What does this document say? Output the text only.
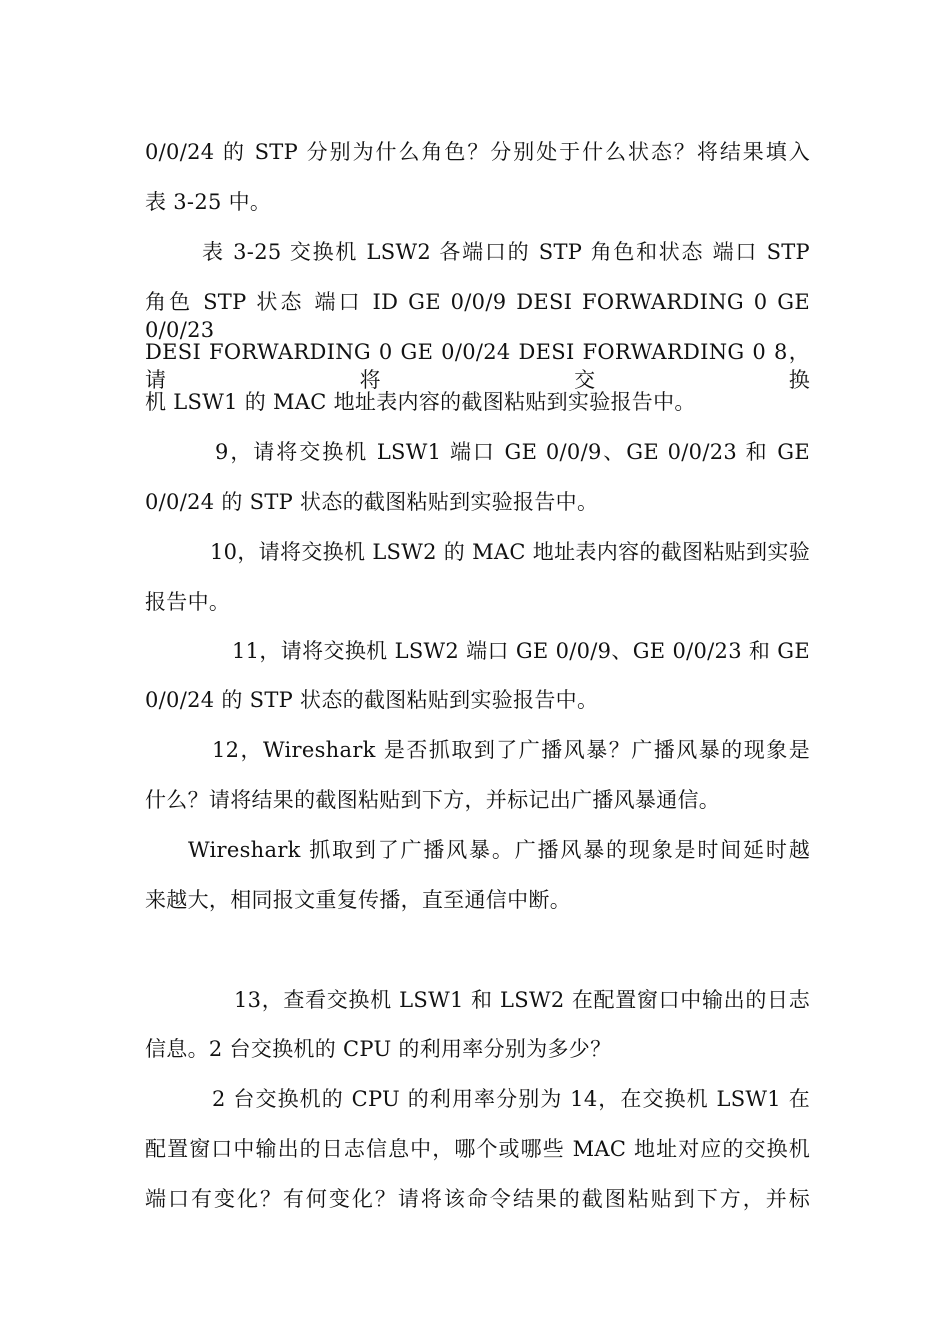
0/0/24 的 STP 分别为什么角色？分别处于什么状态？将结果填入
表 3-25 中。
表 3-25 交换机 LSW2 各端口的 STP 角色和状态 端口 STP
角色 STP 状态 端口 ID GE 0/0/9 DESI FORWARDING 0 GE 0/0/23
DESI FORWARDING 0 GE 0/0/24 DESI FORWARDING 0 8，请将交换
机 LSW1 的 MAC 地址表内容的截图粘贴到实验报告中。
9，请将交换机 LSW1 端口 GE 0/0/9、GE 0/0/23 和 GE
0/0/24 的 STP 状态的截图粘贴到实验报告中。
10，请将交换机 LSW2 的 MAC 地址表内容的截图粘贴到实验
报告中。
11，请将交换机 LSW2 端口 GE 0/0/9、GE 0/0/23 和 GE
0/0/24 的 STP 状态的截图粘贴到实验报告中。
12，Wireshark 是否抓取到了广播风暴？广播风暴的现象是
什么？请将结果的截图粘贴到下方，并标记出广播风暴通信。
Wireshark 抓取到了广播风暴。广播风暴的现象是时间延时越
来越大，相同报文重复传播，直至通信中断。
13，查看交换机 LSW1 和 LSW2 在配置窗口中输出的日志
信息。2 台交换机的 CPU 的利用率分别为多少？
2 台交换机的 CPU 的利用率分别为 14，在交换机 LSW1 在
配置窗口中输出的日志信息中，哪个或哪些 MAC 地址对应的交换机
端口有变化？有何变化？请将该命令结果的截图粘贴到下方，并标
